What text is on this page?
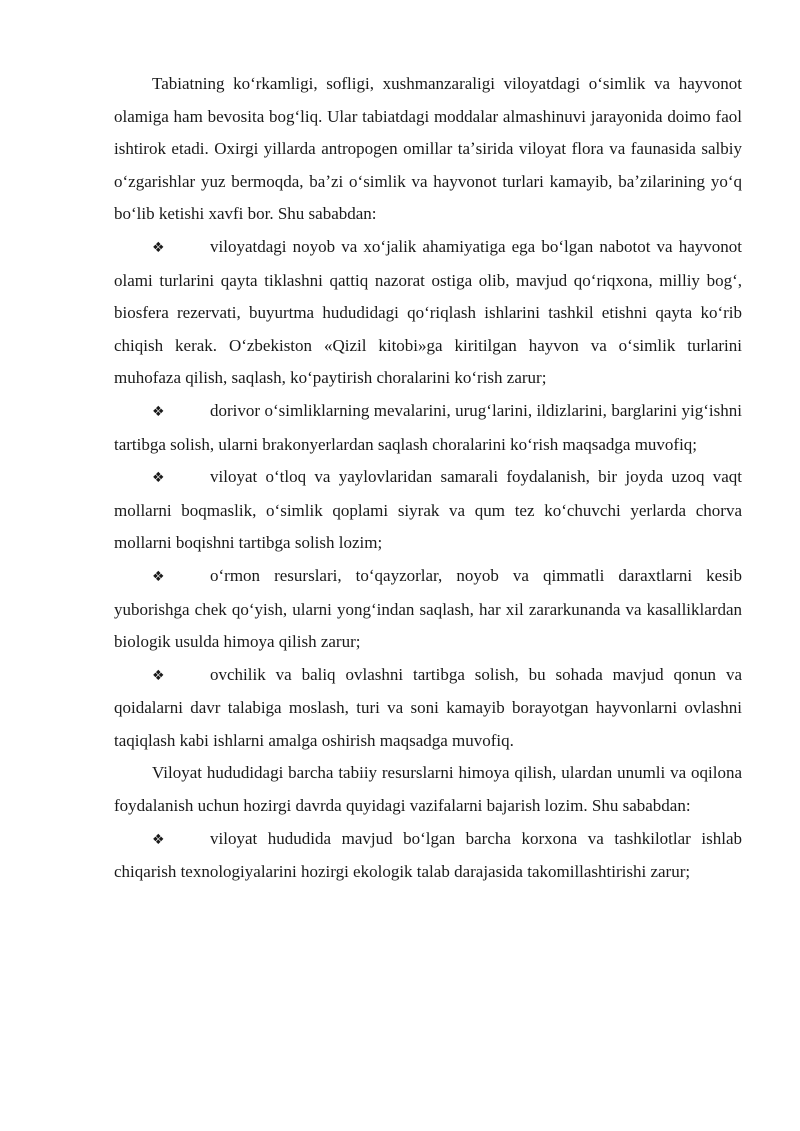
Tabiatning koʻrkamligi, sofligi, xushmanzaraligi viloyatdagi oʻsimlik va hayvonot olamiga ham bevosita bogʻliq. Ular tabiatdagi moddalar almashinuvi jarayonida doimo faol ishtirok etadi. Oxirgi yillarda antropogen omillar taʼsirida viloyat flora va faunasida salbiy oʻzgarishlar yuz bermoqda, baʼzi oʻsimlik va hayvonot turlari kamayib, baʼzilarining yoʻq boʻlib ketishi xavfi bor. Shu sababdan:

❖	viloyatdagi noyob va xoʻjalik ahamiyatiga ega boʻlgan nabotot va hayvonot olami turlarini qayta tiklashni qattiq nazorat ostiga olib, mavjud qoʻriqxona, milliy bogʻ, biosfera rezervati, buyurtma hududidagi qoʻriqlash ishlarini tashkil etishni qayta koʻrib chiqish kerak. Oʻzbekiston «Qizil kitobi»ga kiritilgan hayvon va oʻsimlik turlarini muhofaza qilish, saqlash, koʻpaytirish choralarini koʻrish zarur;

❖	dorivor oʻsimliklarning mevalarini, urugʻlarini, ildizlarini, barglarini yigʻishni tartibga solish, ularni brakonyerlardan saqlash choralarini koʻrish maqsadga muvofiq;

❖	viloyat oʻtloq va yaylovlaridan samarali foydalanish, bir joyda uzoq vaqt mollarni boqmaslik, oʻsimlik qoplami siyrak va qum tez koʻchuvchi yerlarda chorva mollarni boqishni tartibga solish lozim;

❖	oʻrmon resurslari, toʻqayzorlar, noyob va qimmatli daraxtlarni kesib yuborishga chek qoʻyish, ularni yongʻindan saqlash, har xil zararkunanda va kasalliklardan biologik usulda himoya qilish zarur;

❖	ovchilik va baliq ovlashni tartibga solish, bu sohada mavjud qonun va qoidalarni davr talabiga moslash, turi va soni kamayib borayotgan hayvonlarni ovlashni taqiqlash kabi ishlarni amalga oshirish maqsadga muvofiq.

Viloyat hududidagi barcha tabiiy resurslarni himoya qilish, ulardan unumli va oqilona foydalanish uchun hozirgi davrda quyidagi vazifalarni bajarish lozim. Shu sababdan:

❖	viloyat hududida mavjud boʻlgan barcha korxona va tashkilotlar ishlab chiqarish texnologiyalarini hozirgi ekologik talab darajasida takomillashtirishi zarur;
